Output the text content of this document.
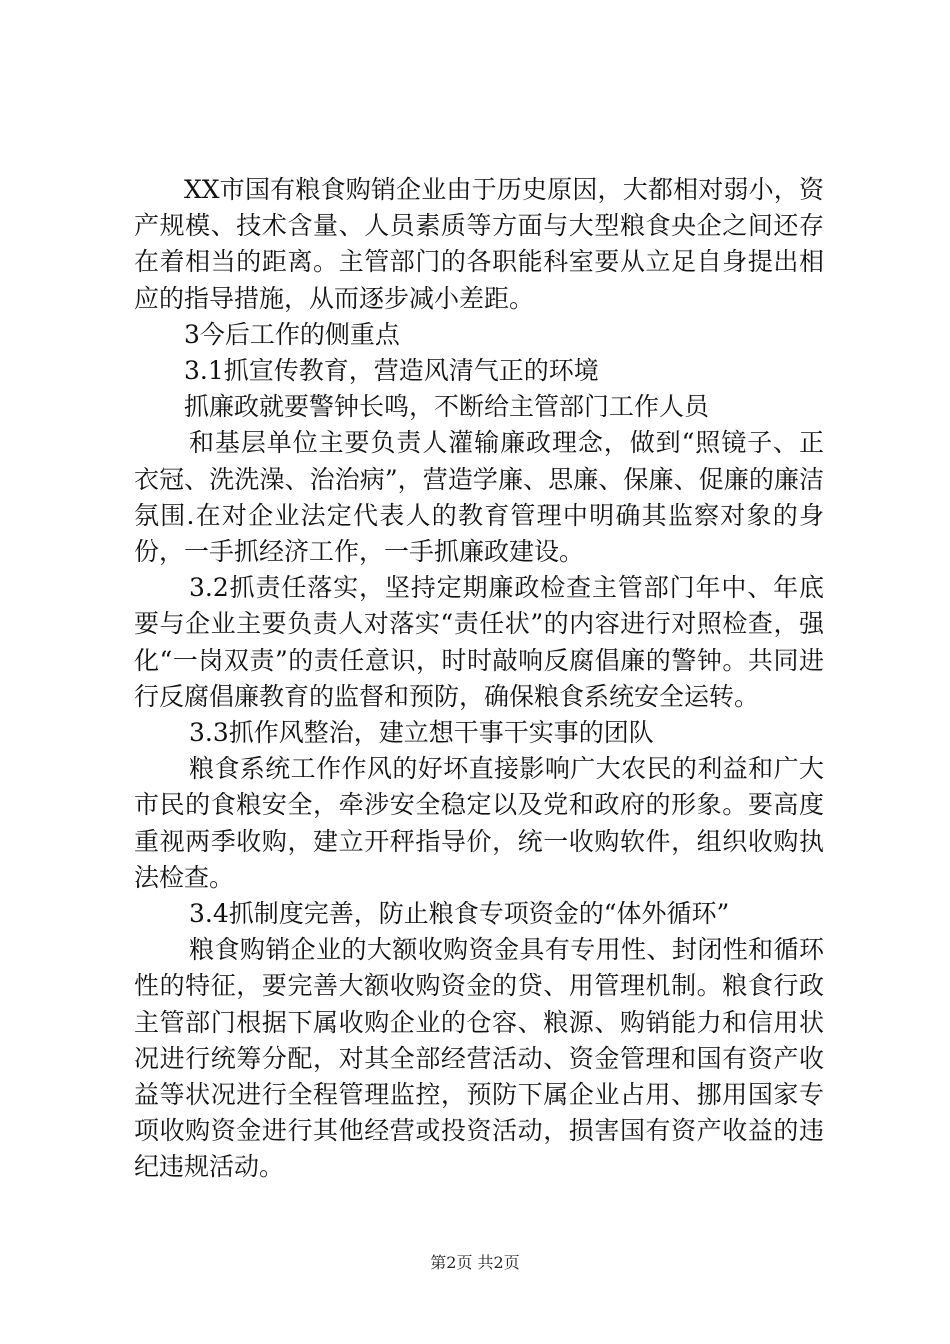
XX市国有粮食购销企业由于历史原因，大都相对弱小，资产规模、技术含量、人员素质等方面与大型粮食央企之间还存在着相当的距离。主管部门的各职能科室要从立足自身提出相应的指导措施，从而逐步减小差距。

3今后工作的侧重点

3.1抓宣传教育，营造风清气正的环境

抓廉政就要警钟长鸣，不断给主管部门工作人员

和基层单位主要负责人灌输廉政理念，做到“照镜子、正衣冠、洗洗澡、治治病”，营造学廉、思廉、保廉、促廉的廉洁氛围.在对企业法定代表人的教育管理中明确其监察对象的身份，一手抓经济工作，一手抓廉政建设。

3.2抓责任落实，坚持定期廉政检查主管部门年中、年底要与企业主要负责人对落实“责任状”的内容进行对照检查，强化“一岗双责”的责任意识，时时敲响反腐倡廉的警钟。共同进行反腐倡廉教育的监督和预防，确保粮食系统安全运转。

3.3抓作风整治，建立想干事干实事的团队

粮食系统工作作风的好坏直接影响广大农民的利益和广大市民的食粮安全，牵涉安全稳定以及党和政府的形象。要高度重视两季收购，建立开秤指导价，统一收购软件，组织收购执法检查。

3.4抓制度完善，防止粮食专项资金的“体外循环”

粮食购销企业的大额收购资金具有专用性、封闭性和循环性的特征，要完善大额收购资金的贷、用管理机制。粮食行政主管部门根据下属收购企业的仓容、粮源、购销能力和信用状况进行统筹分配，对其全部经营活动、资金管理和国有资产收益等状况进行全程管理监控，预防下属企业占用、挪用国家专项收购资金进行其他经营或投资活动，损害国有资产收益的违纪违规活动。

第2页 共2页
